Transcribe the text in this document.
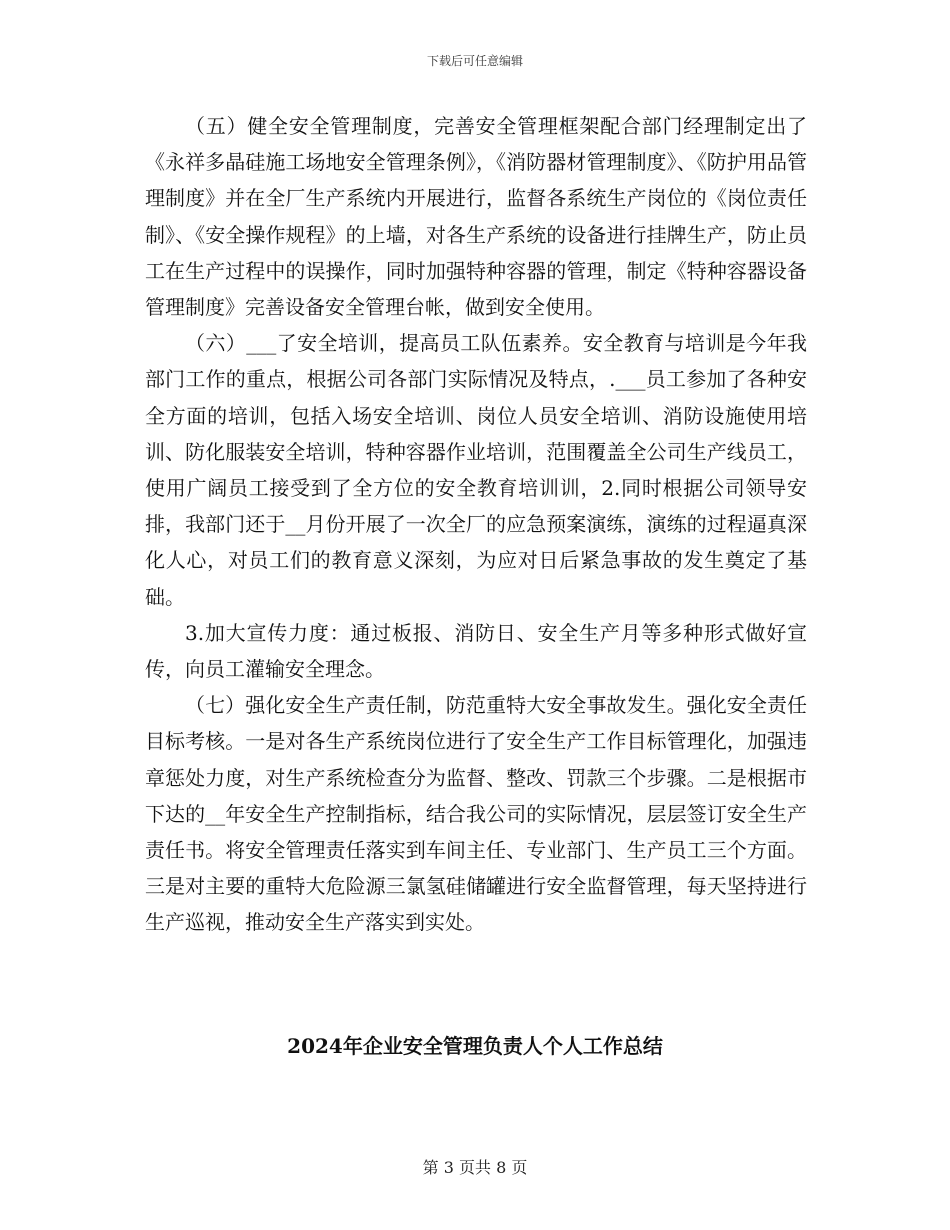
下载后可任意编辑

（五）健全安全管理制度，完善安全管理框架配合部门经理制定出了《永祥多晶硅施工场地安全管理条例》，《消防器材管理制度》、《防护用品管理制度》并在全厂生产系统内开展进行，监督各系统生产岗位的《岗位责任制》、《安全操作规程》的上墙，对各生产系统的设备进行挂牌生产，防止员工在生产过程中的误操作，同时加强特种容器的管理，制定《特种容器设备管理制度》完善设备安全管理台帐，做到安全使用。

（六）___了安全培训，提高员工队伍素养。安全教育与培训是今年我部门工作的重点，根据公司各部门实际情况及特点，.___员工参加了各种安全方面的培训，包括入场安全培训、岗位人员安全培训、消防设施使用培训、防化服装安全培训，特种容器作业培训，范围覆盖全公司生产线员工，使用广阔员工接受到了全方位的安全教育培训训，2.同时根据公司领导安排，我部门还于__月份开展了一次全厂的应急预案演练，演练的过程逼真深化人心，对员工们的教育意义深刻，为应对日后紧急事故的发生奠定了基础。

3.加大宣传力度：通过板报、消防日、安全生产月等多种形式做好宣传，向员工灌输安全理念。

（七）强化安全生产责任制，防范重特大安全事故发生。强化安全责任目标考核。一是对各生产系统岗位进行了安全生产工作目标管理化，加强违章惩处力度，对生产系统检查分为监督、整改、罚款三个步骤。二是根据市下达的__年安全生产控制指标，结合我公司的实际情况，层层签订安全生产责任书。将安全管理责任落实到车间主任、专业部门、生产员工三个方面。三是对主要的重特大危险源三氯氢硅储罐进行安全监督管理，每天坚持进行生产巡视，推动安全生产落实到实处。

2024年企业安全管理负责人个人工作总结
第 3 页共 8 页
